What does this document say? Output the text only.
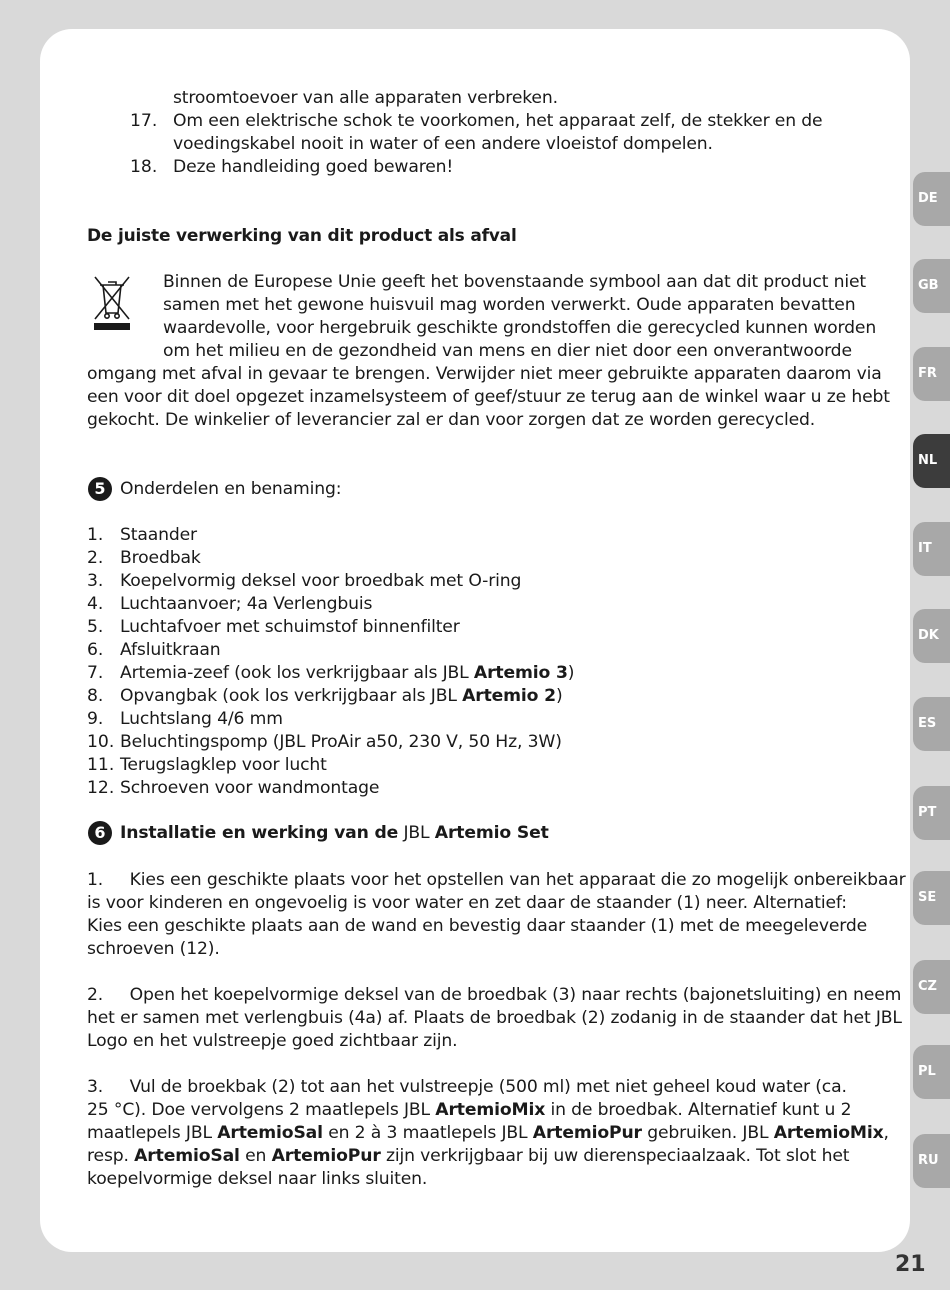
stroomtoevoer van alle apparaten verbreken.
17. Om een elektrische schok te voorkomen, het apparaat zelf, de stekker en de
voedingskabel nooit in water of een andere vloeistof dompelen.
18. Deze handleiding goed bewaren!
De juiste verwerking van dit product als afval
Binnen de Europese Unie geeft het bovenstaande symbool aan dat dit product niet
samen met het gewone huisvuil mag worden verwerkt. Oude apparaten bevatten
waardevolle, voor hergebruik geschikte grondstoffen die gerecycled kunnen worden
om het milieu en de gezondheid van mens en dier niet door een onverantwoorde
omgang met afval in gevaar te brengen. Verwijder niet meer gebruikte apparaten daarom via
een voor dit doel opgezet inzamelsysteem of geef/stuur ze terug aan de winkel waar u ze hebt
gekocht. De winkelier of leverancier zal er dan voor zorgen dat ze worden gerecycled.
5 Onderdelen en benaming:
1. Staander
2. Broedbak
3. Koepelvormig deksel voor broedbak met O-ring
4. Luchtaanvoer; 4a Verlengbuis
5. Luchtafvoer met schuimstof binnenfilter
6. Afsluitkraan
7. Artemia-zeef (ook los verkrijgbaar als JBL Artemio 3)
8. Opvangbak (ook los verkrijgbaar als JBL Artemio 2)
9. Luchtslang 4/6 mm
10. Beluchtingspomp (JBL ProAir a50, 230 V, 50 Hz, 3W)
11. Terugslagklep voor lucht
12. Schroeven voor wandmontage
6 Installatie en werking van de JBL Artemio Set
1.     Kies een geschikte plaats voor het opstellen van het apparaat die zo mogelijk onbereikbaar
is voor kinderen en ongevoelig is voor water en zet daar de staander (1) neer. Alternatief:
Kies een geschikte plaats aan de wand en bevestig daar staander (1) met de meegeleverde
schroeven (12).
2.     Open het koepelvormige deksel van de broedbak (3) naar rechts (bajonetsluiting) en neem
het er samen met verlengbuis (4a) af. Plaats de broedbak (2) zodanig in de staander dat het JBL
Logo en het vulstreepje goed zichtbaar zijn.
3.     Vul de broekbak (2) tot aan het vulstreepje (500 ml) met niet geheel koud water (ca.
25 °C). Doe vervolgens 2 maatlepels JBL ArtemioMix in de broedbak. Alternatief kunt u 2
maatlepels JBL ArtemioSal en 2 à 3 maatlepels JBL ArtemioPur gebruiken. JBL ArtemioMix,
resp. ArtemioSal en ArtemioPur zijn verkrijgbaar bij uw dierenspeciaalzaak. Tot slot het
koepelvormige deksel naar links sluiten.
DE
GB
FR
NL
IT
DK
ES
PT
SE
CZ
PL
RU
21
